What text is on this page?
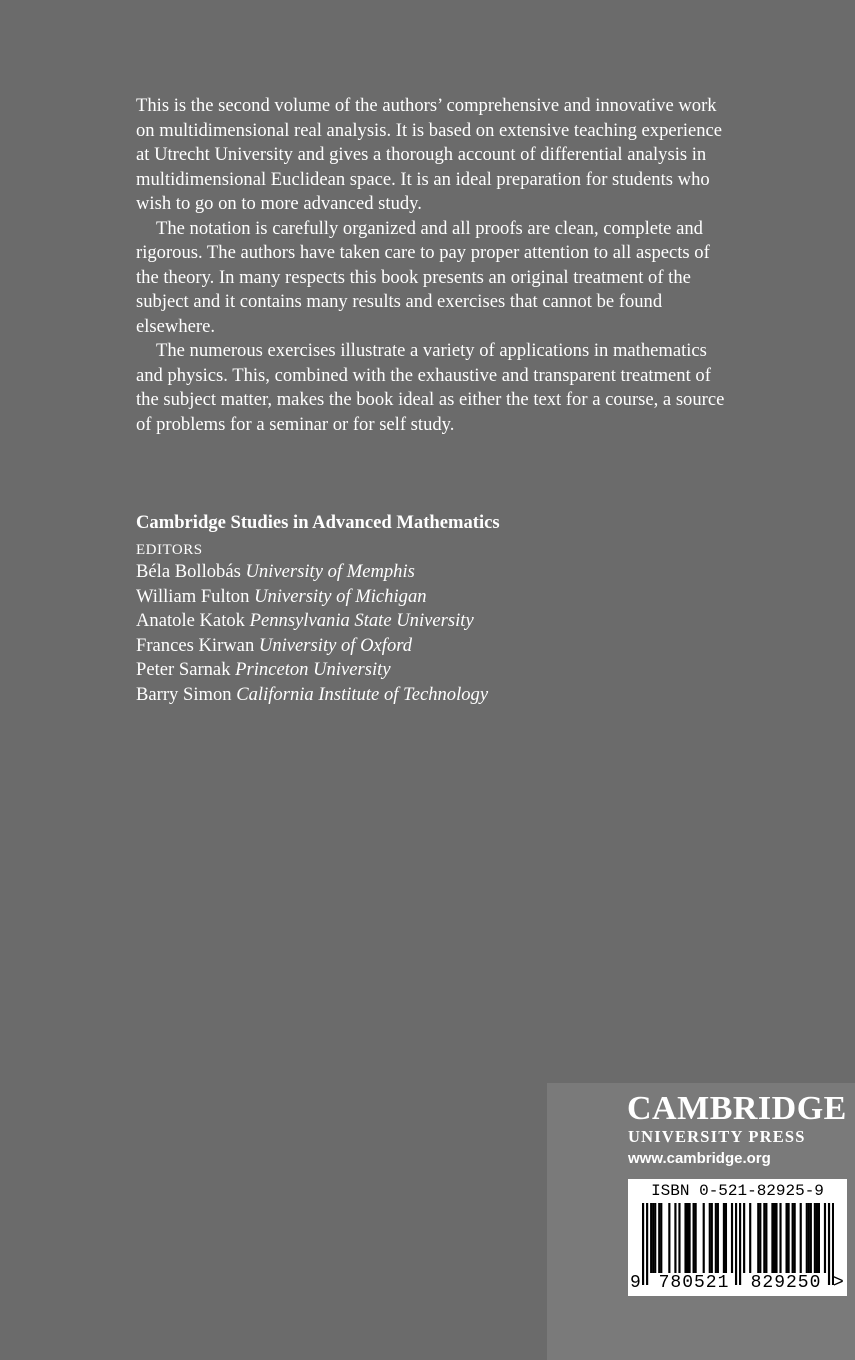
This is the second volume of the authors’ comprehensive and innovative work on multidimensional real analysis. It is based on extensive teaching experience at Utrecht University and gives a thorough account of differential analysis in multidimensional Euclidean space. It is an ideal preparation for students who wish to go on to more advanced study.

The notation is carefully organized and all proofs are clean, complete and rigorous. The authors have taken care to pay proper attention to all aspects of the theory. In many respects this book presents an original treatment of the subject and it contains many results and exercises that cannot be found elsewhere.

The numerous exercises illustrate a variety of applications in mathematics and physics. This, combined with the exhaustive and transparent treatment of the subject matter, makes the book ideal as either the text for a course, a source of problems for a seminar or for self study.

Cambridge Studies in Advanced Mathematics
EDITORS
Béla Bollobás University of Memphis
William Fulton University of Michigan
Anatole Katok Pennsylvania State University
Frances Kirwan University of Oxford
Peter Sarnak Princeton University
Barry Simon California Institute of Technology
CAMBRIDGE
UNIVERSITY PRESS
www.cambridge.org
ISBN 0-521-82925-9
9 780521	829250 >
